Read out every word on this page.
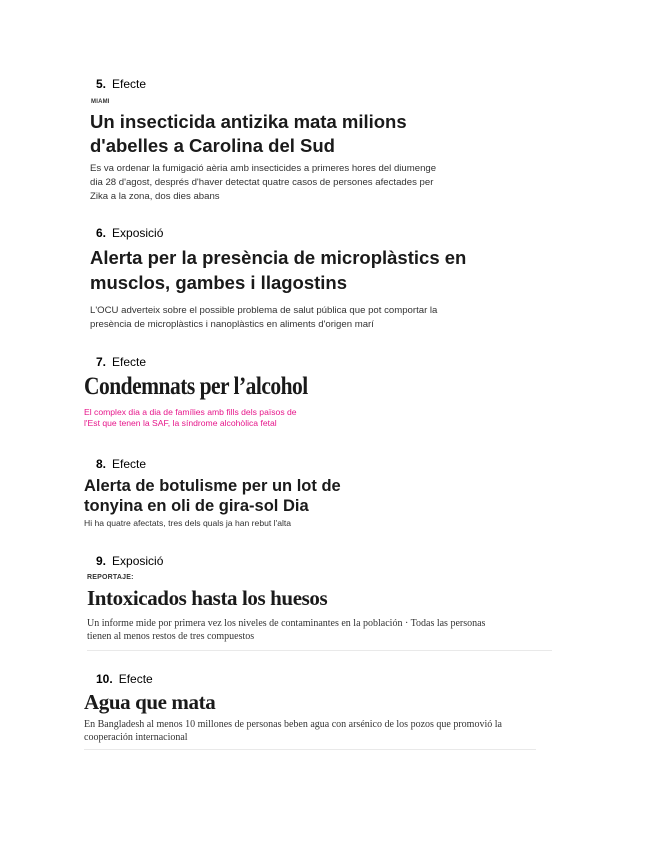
5. Efecte
MIAMI
Un insecticida antizika mata milions
d'abelles a Carolina del Sud
Es va ordenar la fumigació aèria amb insecticides a primeres hores del diumenge
dia 28 d'agost, després d'haver detectat quatre casos de persones afectades per
Zika a la zona, dos dies abans
6. Exposició
Alerta per la presència de microplàstics en
musclos, gambes i llagostins
L'OCU adverteix sobre el possible problema de salut pública que pot comportar la
presència de microplàstics i nanoplàstics en aliments d'origen marí
7. Efecte
Condemnats per l’alcohol
El complex dia a dia de famílies amb fills dels països de
l'Est que tenen la SAF, la síndrome alcohòlica fetal
8. Efecte
Alerta de botulisme per un lot de
tonyina en oli de gira-sol Dia
Hi ha quatre afectats, tres dels quals ja han rebut l'alta
9. Exposició
REPORTAJE:
Intoxicados hasta los huesos
Un informe mide por primera vez los niveles de contaminantes en la población · Todas las personas
tienen al menos restos de tres compuestos
10. Efecte
Agua que mata
En Bangladesh al menos 10 millones de personas beben agua con arsénico de los pozos que promovió la
cooperación internacional
